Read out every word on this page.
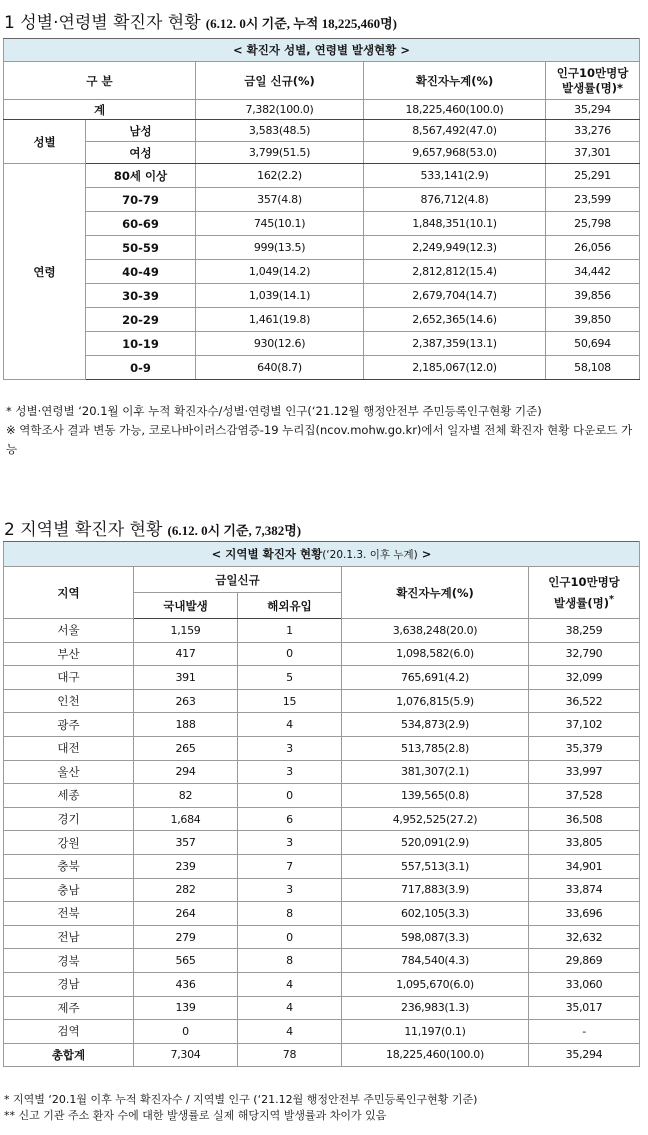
1 성별·연령별 확진자 현황 (6.12. 0시 기준, 누적 18,225,460명)
< 확진자 성별, 연령별 발생현황 >				
구 분		금일 신규(%)	확진자누계(%)	인구10만명당
발생률(명)*
계		7,382(100.0)	18,225,460(100.0)	35,294
성별	남성	3,583(48.5)	8,567,492(47.0)	33,276
	여성	3,799(51.5)	9,657,968(53.0)	37,301
연령	80세 이상	162(2.2)	533,141(2.9)	25,291
	70-79	357(4.8)	876,712(4.8)	23,599
	60-69	745(10.1)	1,848,351(10.1)	25,798
	50-59	999(13.5)	2,249,949(12.3)	26,056
	40-49	1,049(14.2)	2,812,812(15.4)	34,442
	30-39	1,039(14.1)	2,679,704(14.7)	39,856
	20-29	1,461(19.8)	2,652,365(14.6)	39,850
	10-19	930(12.6)	2,387,359(13.1)	50,694
	0-9	640(8.7)	2,185,067(12.0)	58,108
* 성별·연령별 ‘20.1월 이후 누적 확진자수/성별·연령별 인구(‘21.12월 행정안전부 주민등록인구현황 기준)
※ 역학조사 결과 변동 가능, 코로나바이러스감염증-19 누리집(ncov.mohw.go.kr)에서 일자별 전체 확진자 현황 다운로드 가능
2 지역별 확진자 현황 (6.12. 0시 기준, 7,382명)
< 지역별 확진자 현황(‘20.1.3. 이후 누계) >				
지역	금일신규		확진자누계(%)	인구10만명당
발생률(명)*
	국내발생	해외유입		
서울	1,159	1	3,638,248(20.0)	38,259
부산	417	0	1,098,582(6.0)	32,790
대구	391	5	765,691(4.2)	32,099
인천	263	15	1,076,815(5.9)	36,522
광주	188	4	534,873(2.9)	37,102
대전	265	3	513,785(2.8)	35,379
울산	294	3	381,307(2.1)	33,997
세종	82	0	139,565(0.8)	37,528
경기	1,684	6	4,952,525(27.2)	36,508
강원	357	3	520,091(2.9)	33,805
충북	239	7	557,513(3.1)	34,901
충남	282	3	717,883(3.9)	33,874
전북	264	8	602,105(3.3)	33,696
전남	279	0	598,087(3.3)	32,632
경북	565	8	784,540(4.3)	29,869
경남	436	4	1,095,670(6.0)	33,060
제주	139	4	236,983(1.3)	35,017
검역	0	4	11,197(0.1)	-
총합계	7,304	78	18,225,460(100.0)	35,294
* 지역별 ‘20.1월 이후 누적 확진자수 / 지역별 인구 (‘21.12월 행정안전부 주민등록인구현황 기준)
** 신고 기관 주소 환자 수에 대한 발생률로 실제 해당지역 발생률과 차이가 있음
